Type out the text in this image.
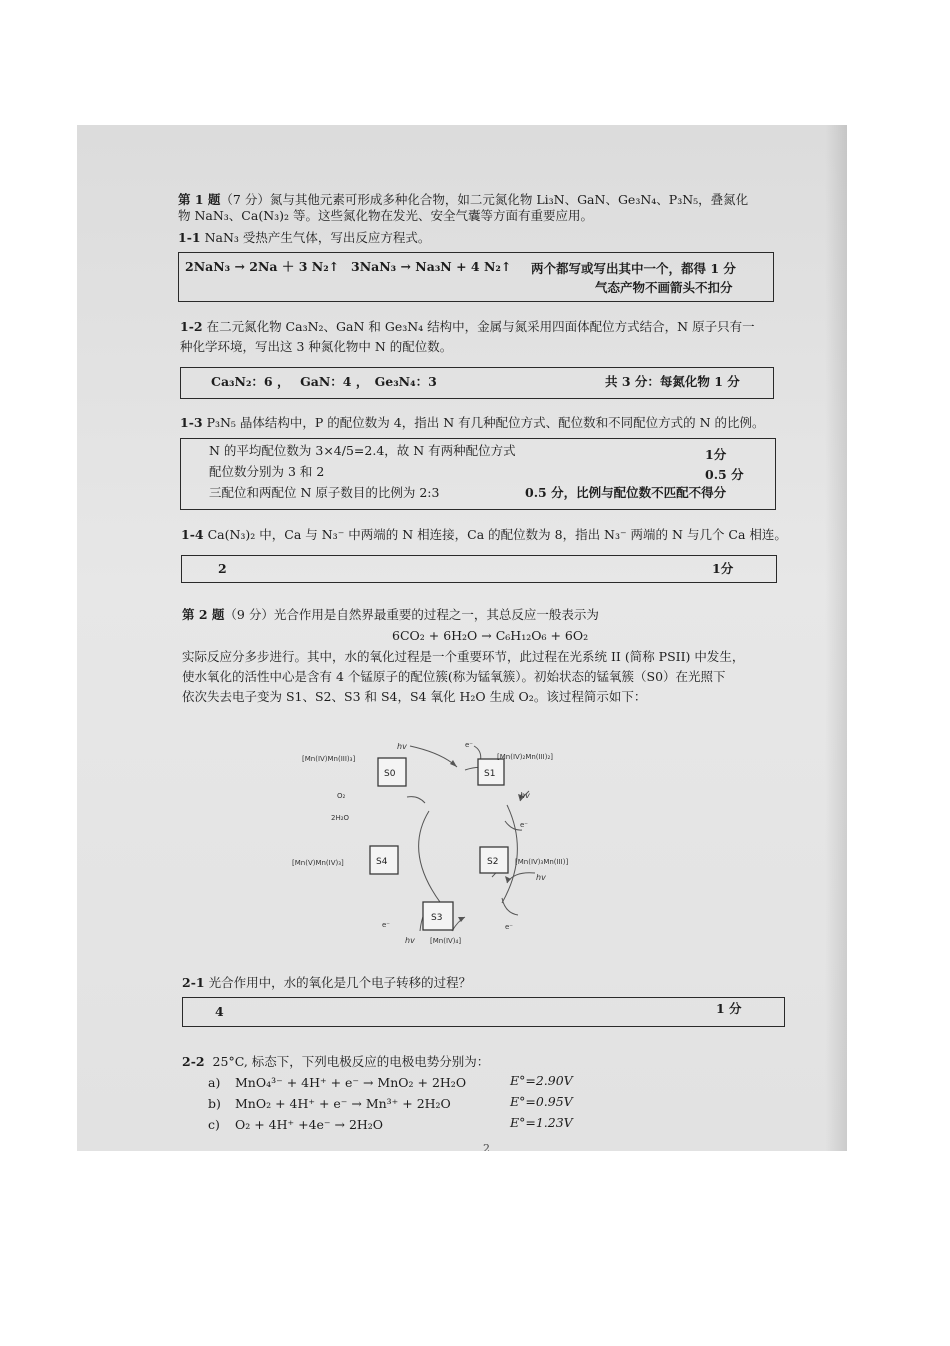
第 1 题（7 分）氮与其他元素可形成多种化合物，如二元氮化物 Li₃N、GaN、Ge₃N₄、P₃N₅，叠氮化
物 NaN₃、Ca(N₃)₂ 等。这些氮化物在发光、安全气囊等方面有重要应用。
1-1 NaN₃ 受热产生气体，写出反应方程式。
2NaN₃ → 2Na ＋ 3 N₂↑ 3NaN₃ → Na₃N + 4 N₂↑ 两个都写或写出其中一个，都得 1 分
气态产物不画箭头不扣分
1-2 在二元氮化物 Ca₃N₂、GaN 和 Ge₃N₄ 结构中，金属与氮采用四面体配位方式结合，N 原子只有一
种化学环境，写出这 3 种氮化物中 N 的配位数。
Ca₃N₂：6 ，　 GaN：4 ，　Ge₃N₄：3	共 3 分：每氮化物 1 分
1-3 P₃N₅ 晶体结构中，P 的配位数为 4，指出 N 有几种配位方式、配位数和不同配位方式的 N 的比例。
N 的平均配位数为 3×4/5=2.4，故 N 有两种配位方式	1分
配位数分别为 3 和 2	0.5 分
三配位和两配位 N 原子数目的比例为 2:3	0.5 分，比例与配位数不匹配不得分
1-4 Ca(N₃)₂ 中，Ca 与 N₃⁻ 中两端的 N 相连接，Ca 的配位数为 8，指出 N₃⁻ 两端的 N 与几个 Ca 相连。
2	1分
第 2 题（9 分）光合作用是自然界最重要的过程之一，其总反应一般表示为
6CO₂ + 6H₂O → C₆H₁₂O₆ + 6O₂
实际反应分多步进行。其中，水的氧化过程是一个重要环节，此过程在光系统 II (简称 PSII) 中发生，
使水氧化的活性中心是含有 4 个锰原子的配位簇(称为锰氧簇）。初始状态的锰氧簇（S0）在光照下
依次失去电子变为 S1、S2、S3 和 S4，S4 氧化 H₂O 生成 O₂。该过程简示如下：
S0	S1
S2
S3
S4
[Mn(IV)Mn(III)₃]	[Mn(IV)₂Mn(III)₂]
[Mn(IV)₃Mn(III)]
[Mn(IV)₄]
[Mn(V)Mn(IV)₃]
O₂
2H₂O
hv
hv
hv
hv
e⁻
e⁻
e⁻
e⁻
2-1 光合作用中，水的氧化是几个电子转移的过程？
4	1 分
2-2 25°C, 标态下，下列电极反应的电极电势分别为：
a) MnO₄³⁻ + 4H⁺ + e⁻ → MnO₂ + 2H₂O	E°=2.90V
b) MnO₂ + 4H⁺ + e⁻ → Mn³⁺ + 2H₂O	E°=0.95V
c) O₂ + 4H⁺ +4e⁻ → 2H₂O	E°=1.23V
2
